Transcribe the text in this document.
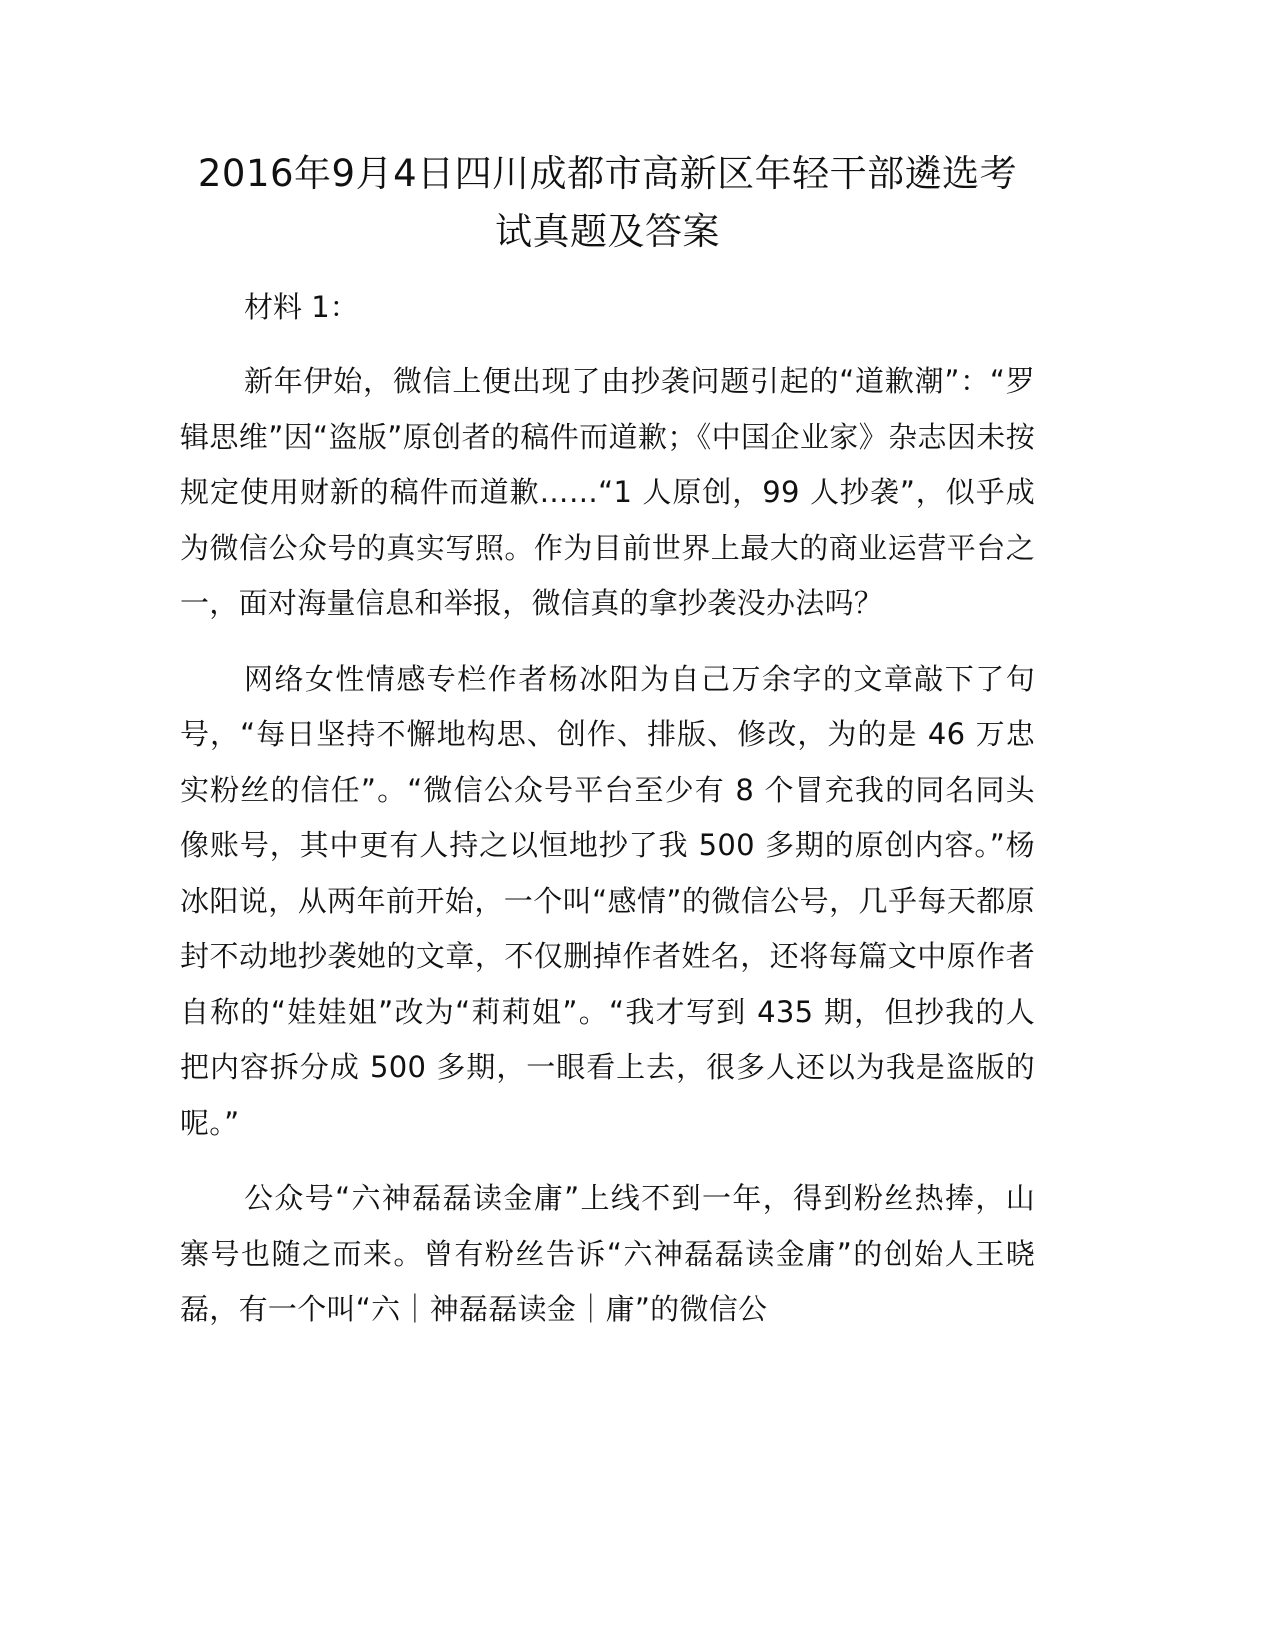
2016年9月4日四川成都市高新区年轻干部遴选考试真题及答案

材料 1：

新年伊始，微信上便出现了由抄袭问题引起的“道歉潮”：“罗辑思维”因“盗版”原创者的稿件而道歉；《中国企业家》杂志因未按规定使用财新的稿件而道歉……“1 人原创，99 人抄袭”，似乎成为微信公众号的真实写照。作为目前世界上最大的商业运营平台之一，面对海量信息和举报，微信真的拿抄袭没办法吗？

网络女性情感专栏作者杨冰阳为自己万余字的文章敲下了句号，“每日坚持不懈地构思、创作、排版、修改，为的是 46 万忠实粉丝的信任”。“微信公众号平台至少有 8 个冒充我的同名同头像账号，其中更有人持之以恒地抄了我 500 多期的原创内容。”杨冰阳说，从两年前开始，一个叫“感情”的微信公号，几乎每天都原封不动地抄袭她的文章，不仅删掉作者姓名，还将每篇文中原作者自称的“娃娃姐”改为“莉莉姐”。“我才写到 435 期，但抄我的人把内容拆分成 500 多期，一眼看上去，很多人还以为我是盗版的呢。”

公众号“六神磊磊读金庸”上线不到一年，得到粉丝热捧，山寨号也随之而来。曾有粉丝告诉“六神磊磊读金庸”的创始人王晓磊，有一个叫“六｜神磊磊读金｜庸”的微信公
